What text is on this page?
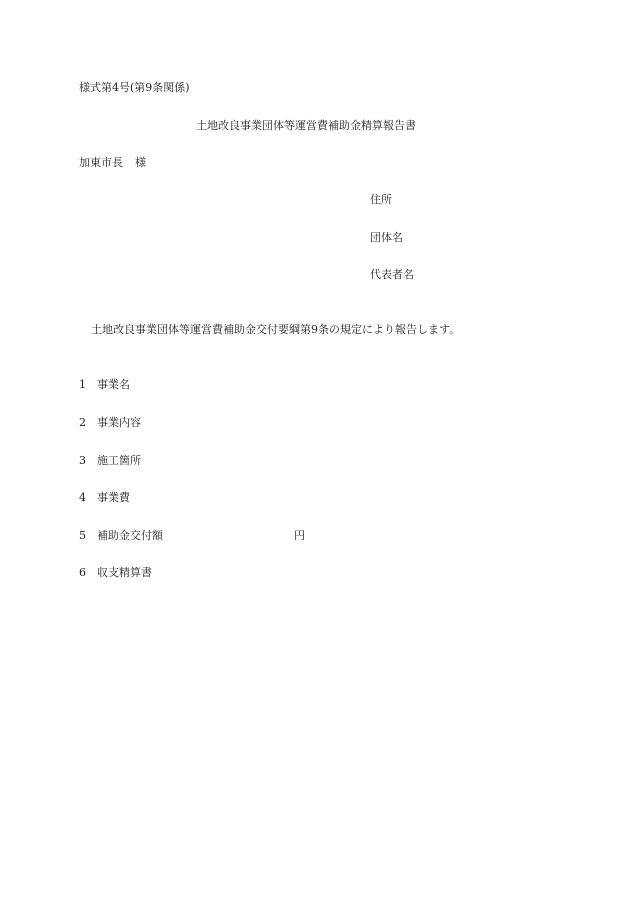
様式第4号(第9条関係)
土地改良事業団体等運営費補助金精算報告書
加東市長 様
住所
団体名
代表者名
土地改良事業団体等運営費補助金交付要綱第9条の規定により報告します。
1 事業名
2 事業内容
3 施工箇所
4 事業費
5 補助金交付額	円
6 収支精算書
